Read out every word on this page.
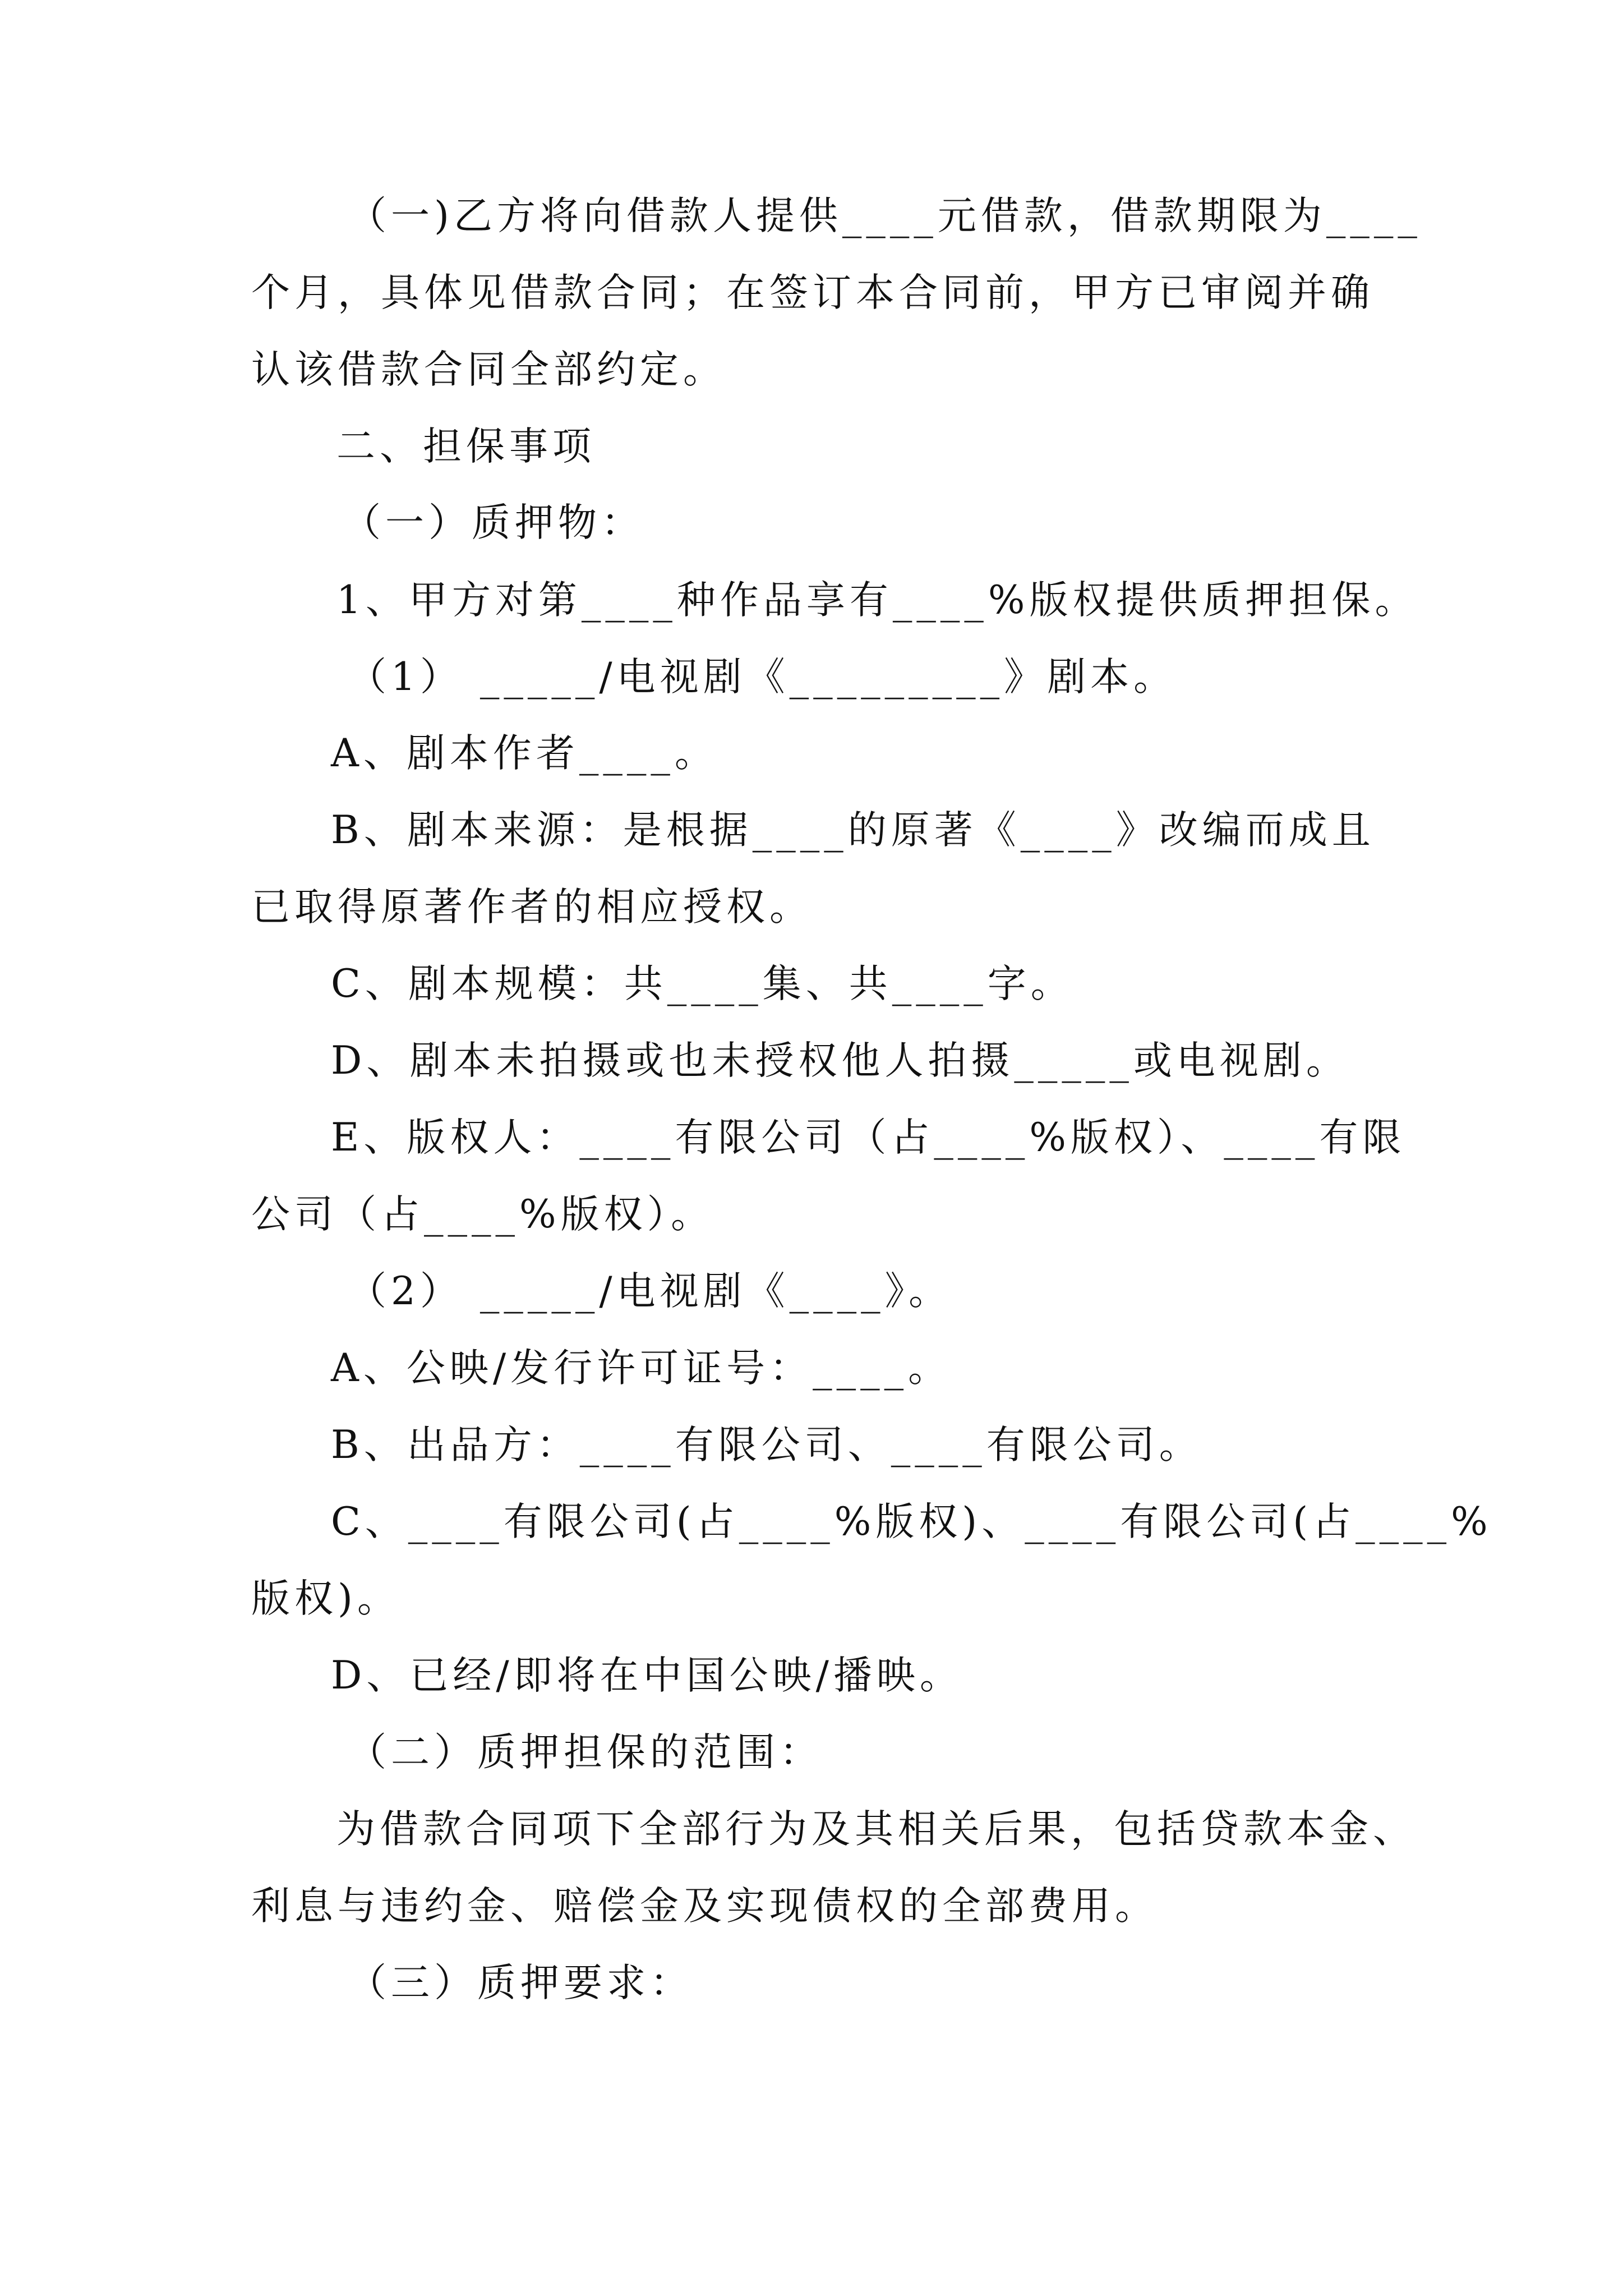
（一)乙方将向借款人提供____元借款，借款期限为____
个月，具体见借款合同；在签订本合同前，甲方已审阅并确
认该借款合同全部约定。
二、担保事项
（一）质押物：
1、甲方对第____种作品享有____%版权提供质押担保。
（1） _____/电视剧《_________》剧本。
A、剧本作者____。
B、剧本来源：是根据____的原著《____》改编而成且
已取得原著作者的相应授权。
C、剧本规模：共____集、共____字。
D、剧本未拍摄或也未授权他人拍摄_____或电视剧。
E、版权人：____有限公司（占____%版权）、____有限
公司（占____%版权）。
（2） _____/电视剧《____》。
A、公映/发行许可证号：____。
B、出品方：____有限公司、____有限公司。
C、____有限公司(占____%版权)、____有限公司(占____%
版权)。
D、已经/即将在中国公映/播映。
（二）质押担保的范围：
为借款合同项下全部行为及其相关后果，包括贷款本金、
利息与违约金、赔偿金及实现债权的全部费用。
（三）质押要求：
